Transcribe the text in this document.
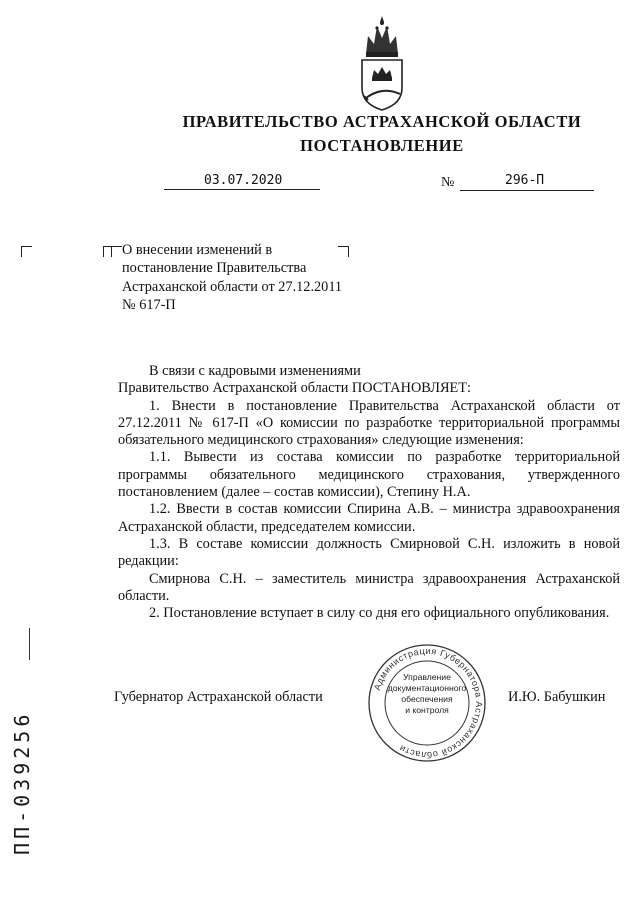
ПРАВИТЕЛЬСТВО АСТРАХАНСКОЙ ОБЛАСТИ
ПОСТАНОВЛЕНИЕ
03.07.2020	№	296-П
О внесении изменений в постановление Правительства Астраханской области от 27.12.2011 № 617-П

В связи с кадровыми изменениями

Правительство Астраханской области ПОСТАНОВЛЯЕТ:

1. Внести в постановление Правительства Астраханской области от 27.12.2011 № 617-П «О комиссии по разработке территориальной программы обязательного медицинского страхования» следующие изменения:

1.1. Вывести из состава комиссии по разработке территориальной программы обязательного медицинского страхования, утвержденного постановлением (далее – состав комиссии), Степину Н.А.

1.2. Ввести в состав комиссии Спирина А.В. – министра здравоохранения Астраханской области, председателем комиссии.

1.3. В составе комиссии должность Смирновой С.Н. изложить в новой редакции:

Смирнова С.Н. – заместитель министра здравоохранения Астраханской области.

2. Постановление вступает в силу со дня его официального опубликования.

Губернатор Астраханской области	И.Ю. Бабушкин
Администрация Губернатора Астраханской области
Управление
документационного
обеспечения
и контроля
ПП-039256
